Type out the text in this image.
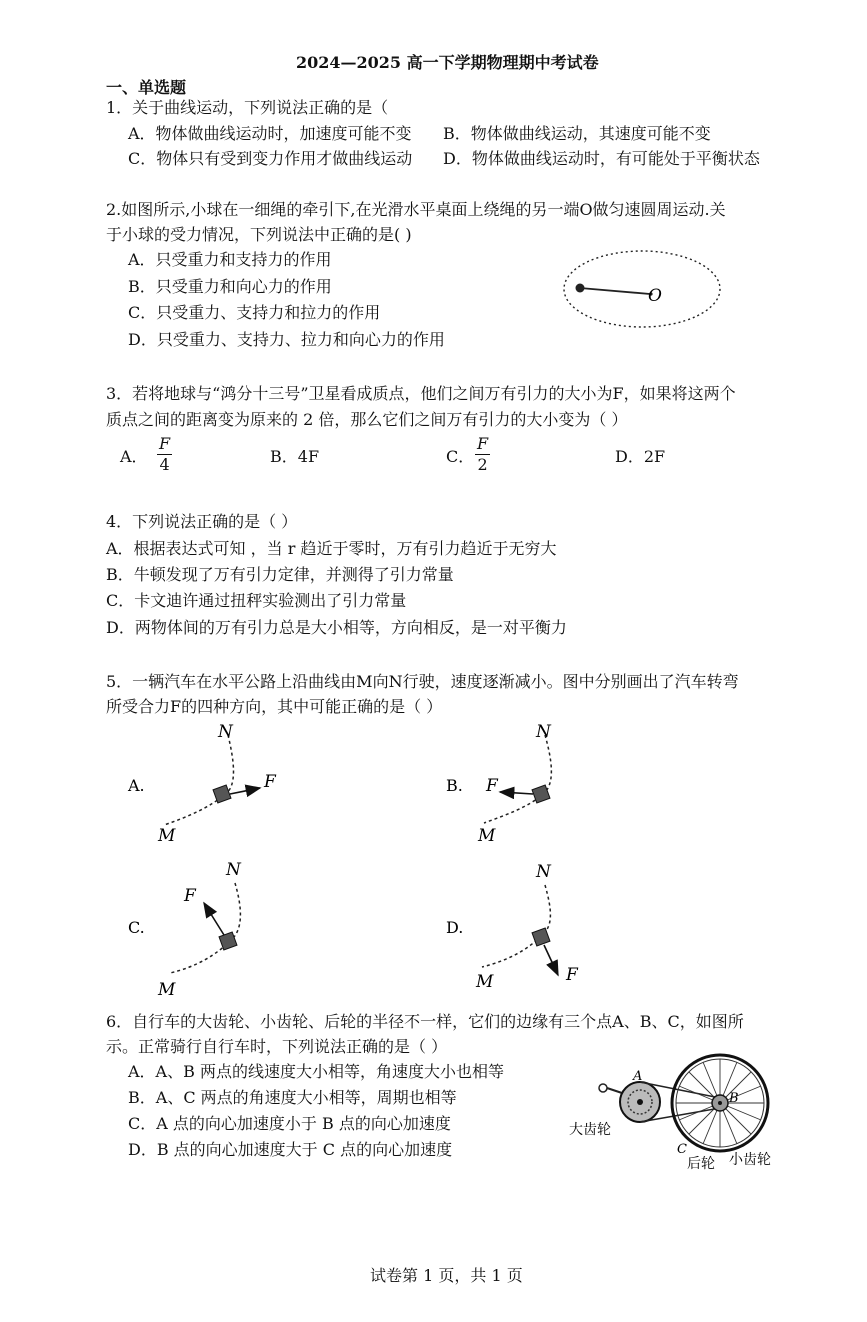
2024—2025 高一下学期物理期中考试卷
一、单选题
1．关于曲线运动，下列说法正确的是（
A．物体做曲线运动时，加速度可能不变 B．物体做曲线运动，其速度可能不变
C．物体只有受到变力作用才做曲线运动 D．物体做曲线运动时，有可能处于平衡状态
2.如图所示,小球在一细绳的牵引下,在光滑水平桌面上绕绳的另一端O做匀速圆周运动.关
于小球的受力情况，下列说法中正确的是( )
A．只受重力和支持力的作用
B．只受重力和向心力的作用
C．只受重力、支持力和拉力的作用
D．只受重力、支持力、拉力和向心力的作用
O
3．若将地球与“鸿分十三号”卫星看成质点，他们之间万有引力的大小为F，如果将这两个
质点之间的距离变为原来的 2 倍，那么它们之间万有引力的大小变为（ ）
A． $\frac{F}{4}$	B．4F	C． $\frac{F}{2}$	D．2F
4．下列说法正确的是（ ）
A．根据表达式可知 ，当 r 趋近于零时，万有引力趋近于无穷大
B．牛顿发现了万有引力定律，并测得了引力常量
C．卡文迪许通过扭秤实验测出了引力常量
D．两物体间的万有引力总是大小相等，方向相反，是一对平衡力
5．一辆汽车在水平公路上沿曲线由M向N行驶，速度逐渐减小。图中分别画出了汽车转弯
所受合力F的四种方向，其中可能正确的是（ ）
A.
N
F
M
B.
N
F
M
C.
N
F
M
D.
N
F
M
6．自行车的大齿轮、小齿轮、后轮的半径不一样，它们的边缘有三个点A、B、C，如图所
示。正常骑行自行车时，下列说法正确的是（ ）
A．A、B 两点的线速度大小相等，角速度大小也相等
B．A、C 两点的角速度大小相等，周期也相等
C．A 点的向心加速度小于 B 点的向心加速度
D．B 点的向心加速度大于 C 点的向心加速度
A
B
C
大齿轮
后轮 小齿轮
试卷第 1 页，共 1 页
